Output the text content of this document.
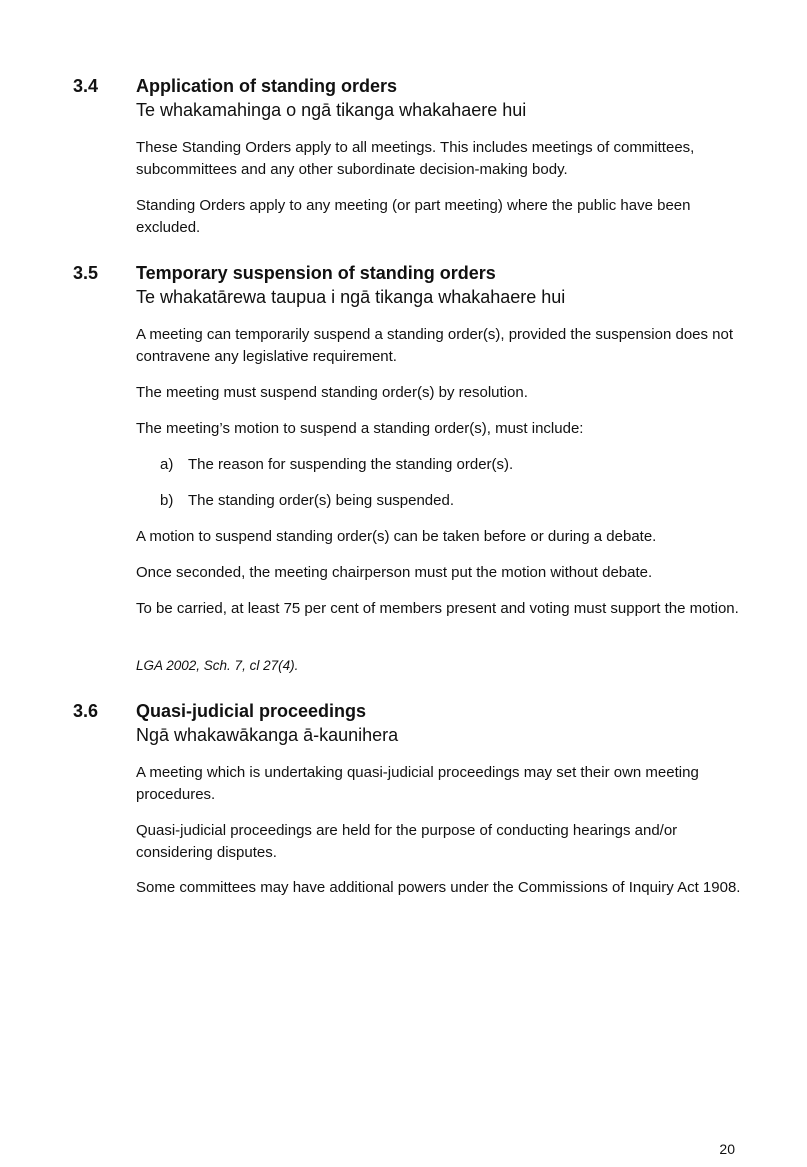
3.4 Application of standing orders
Te whakamahinga o ngā tikanga whakahaere hui

These Standing Orders apply to all meetings. This includes meetings of committees, subcommittees and any other subordinate decision-making body.

Standing Orders apply to any meeting (or part meeting) where the public have been excluded.

3.5 Temporary suspension of standing orders
Te whakatārewa taupua i ngā tikanga whakahaere hui

A meeting can temporarily suspend a standing order(s), provided the suspension does not contravene any legislative requirement.

The meeting must suspend standing order(s) by resolution.

The meeting’s motion to suspend a standing order(s), must include:

a) The reason for suspending the standing order(s).
b) The standing order(s) being suspended.

A motion to suspend standing order(s) can be taken before or during a debate.

Once seconded, the meeting chairperson must put the motion without debate.

To be carried, at least 75 per cent of members present and voting must support the motion.

LGA 2002, Sch. 7, cl 27(4).

3.6 Quasi-judicial proceedings
Ngā whakawākanga ā-kaunihera

A meeting which is undertaking quasi-judicial proceedings may set their own meeting procedures.

Quasi-judicial proceedings are held for the purpose of conducting hearings and/or considering disputes.

Some committees may have additional powers under the Commissions of Inquiry Act 1908.

20
